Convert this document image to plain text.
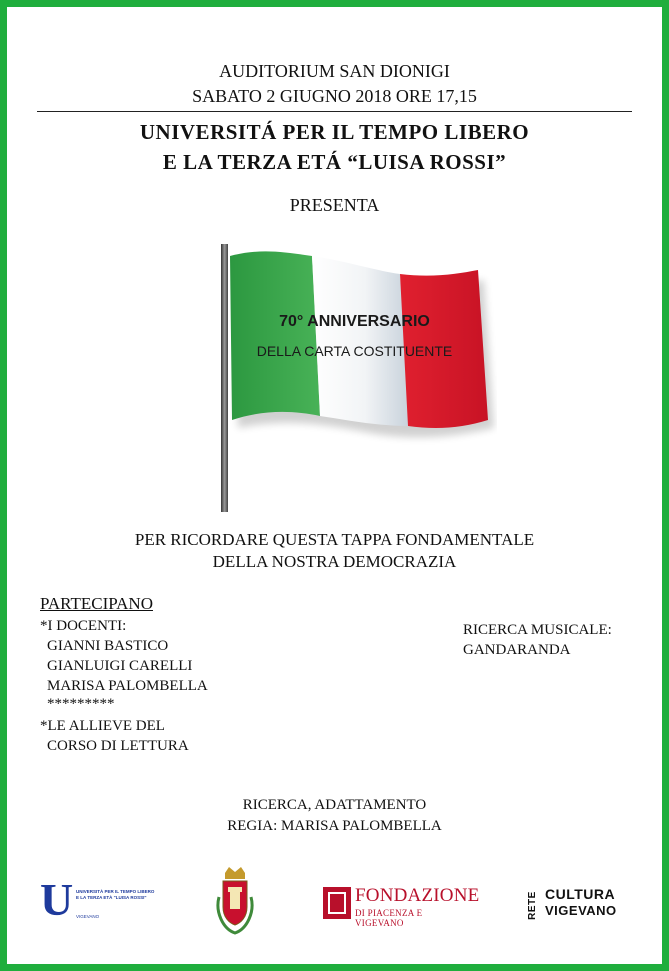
AUDITORIUM SAN DIONIGI
SABATO 2 GIUGNO 2018 ORE 17,15
UNIVERSITÁ PER IL TEMPO LIBERO
E LA TERZA ETÁ “LUISA ROSSI”
PRESENTA
70° ANNIVERSARIO
DELLA CARTA COSTITUENTE
PER RICORDARE QUESTA TAPPA FONDAMENTALE
DELLA NOSTRA DEMOCRAZIA
PARTECIPANO
*I DOCENTI:
GIANNI BASTICO
GIANLUIGI CARELLI
MARISA PALOMBELLA
*********
*LE ALLIEVE DEL
CORSO DI LETTURA
RICERCA MUSICALE:
GANDARANDA
RICERCA, ADATTAMENTO
REGIA: MARISA PALOMBELLA
U UNIVERSITÀ PER IL TEMPO LIBERO E LA TERZA ETÀ "LUISA ROSSI"
VIGEVANO
FONDAZIONE
DI PIACENZA E VIGEVANO
RETE CULTURA
VIGEVANO
